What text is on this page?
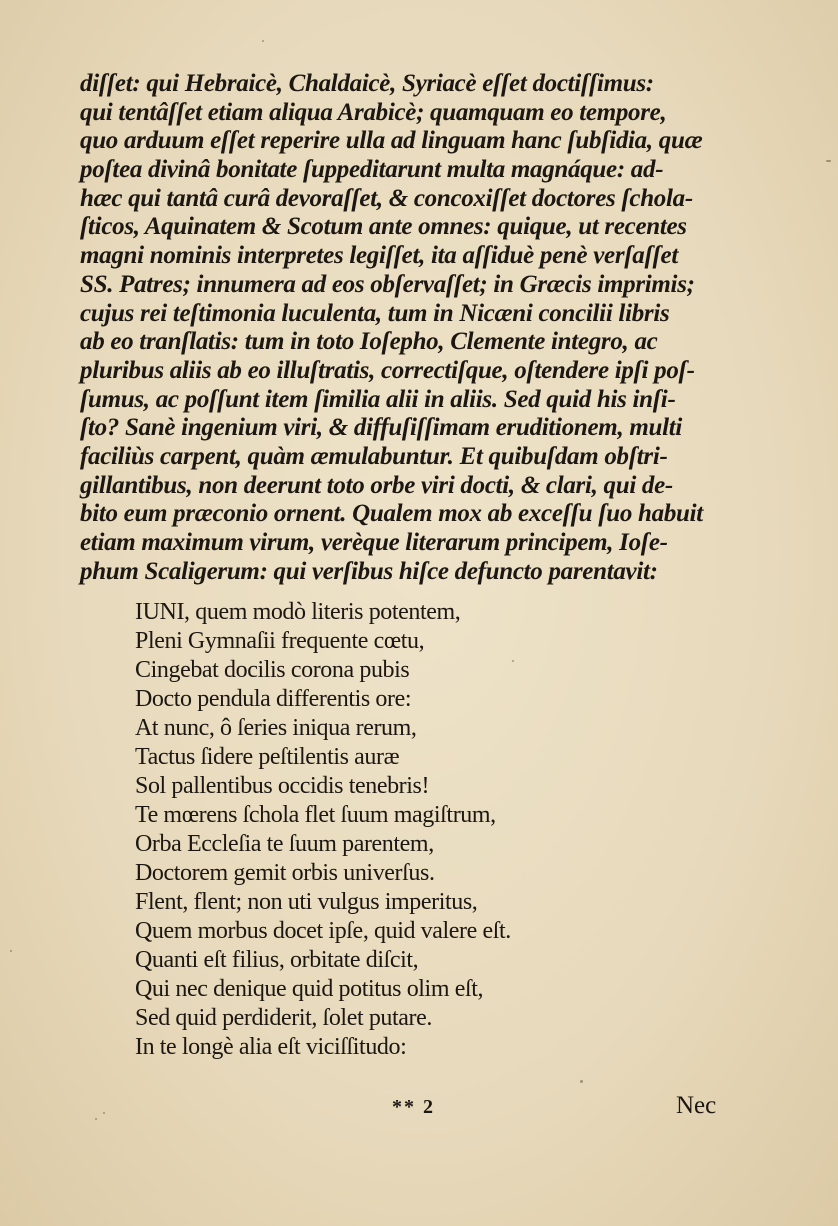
diſſet: qui Hebraicè, Chaldaicè, Syriacè eſſet doctiſſimus:
qui tentâſſet etiam aliqua Arabicè; quamquam eo tempore,
quo arduum eſſet reperire ulla ad linguam hanc ſubſidia, quæ
poſtea divinâ bonitate ſuppeditarunt multa magnáque: ad-
hæc qui tantâ curâ devoraſſet, & concoxiſſet doctores ſchola-
ſticos, Aquinatem & Scotum ante omnes: quique, ut recentes
magni nominis interpretes legiſſet, ita aſſiduè penè verſaſſet
SS. Patres; innumera ad eos obſervaſſet; in Græcis imprimis;
cujus rei teſtimonia luculenta, tum in Nicæni concilii libris
ab eo tranſlatis: tum in toto Ioſepho, Clemente integro, ac
pluribus aliis ab eo illuſtratis, correctiſque, oſtendere ipſi poſ-
ſumus, ac poſſunt item ſimilia alii in aliis. Sed quid his inſi-
ſto? Sanè ingenium viri, & diffuſiſſimam eruditionem, multi
faciliùs carpent, quàm æmulabuntur. Et quibuſdam obſtri-
gillantibus, non deerunt toto orbe viri docti, & clari, qui de-
bito eum præconio ornent. Qualem mox ab exceſſu ſuo habuit
etiam maximum virum, verèque literarum principem, Ioſe-
phum Scaligerum: qui verſibus hiſce defuncto parentavit:
IUNI, quem modò literis potentem,
Pleni Gymnaſii frequente cœtu,
Cingebat docilis corona pubis
Docto pendula differentis ore:
At nunc, ô ſeries iniqua rerum,
Tactus ſidere peſtilentis auræ
Sol pallentibus occidis tenebris!
Te mœrens ſchola flet ſuum magiſtrum,
Orba Eccleſia te ſuum parentem,
Doctorem gemit orbis univerſus.
Flent, flent; non uti vulgus imperitus,
Quem morbus docet ipſe, quid valere eſt.
Quanti eſt filius, orbitate diſcit,
Qui nec denique quid potitus olim eſt,
Sed quid perdiderit, ſolet putare.
In te longè alia eſt viciſſitudo:
** 2	Nec
